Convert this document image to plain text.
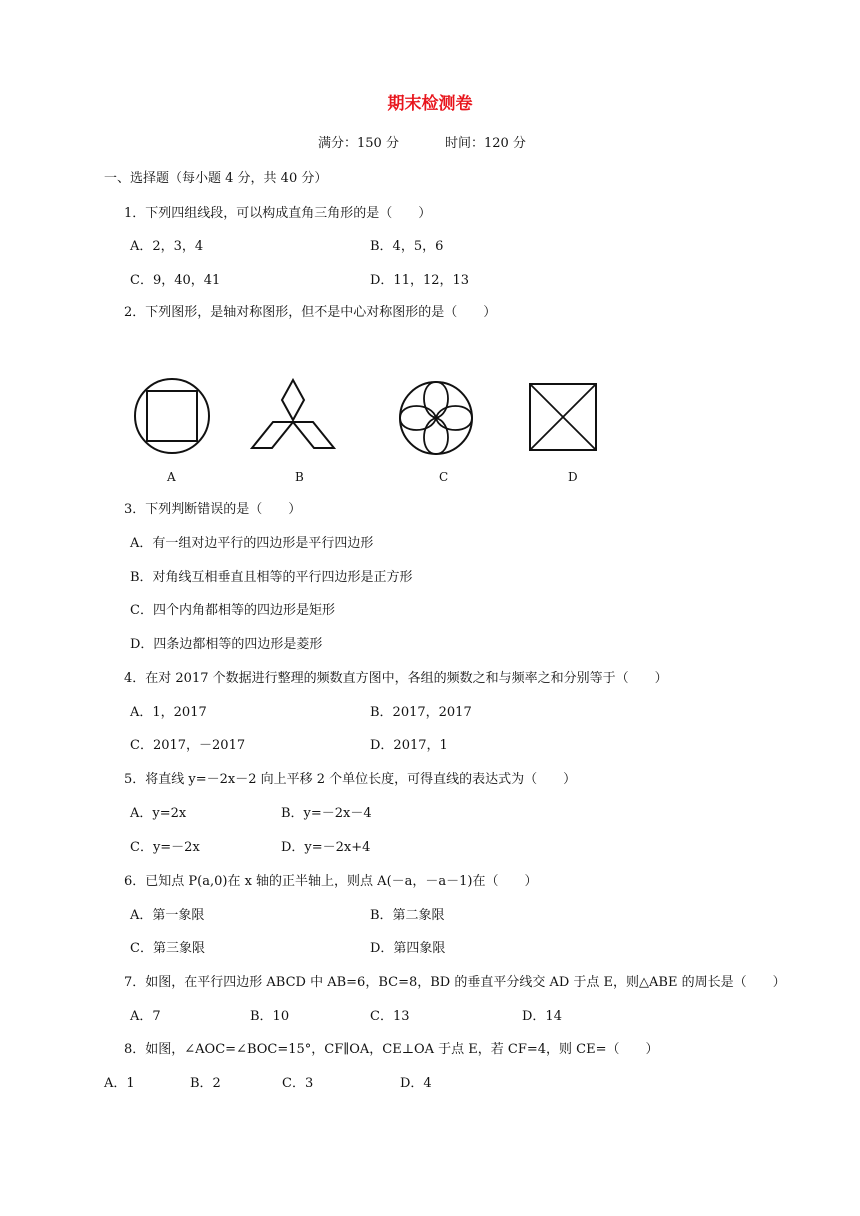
期末检测卷
满分：150 分	时间：120 分
一、选择题（每小题 4 分，共 40 分）
1．下列四组线段，可以构成直角三角形的是（　　）
A．2，3，4	B．4，5，6
C．9，40，41	D．11，12，13
2．下列图形，是轴对称图形，但不是中心对称图形的是（　　）
A	B	C	D
3．下列判断错误的是（　　）
A．有一组对边平行的四边形是平行四边形
B．对角线互相垂直且相等的平行四边形是正方形
C．四个内角都相等的四边形是矩形
D．四条边都相等的四边形是菱形
4．在对 2017 个数据进行整理的频数直方图中，各组的频数之和与频率之和分别等于（　　）
A．1，2017	B．2017，2017
C．2017，－2017	D．2017，1
5．将直线 y=－2x－2 向上平移 2 个单位长度，可得直线的表达式为（　　）
A．y=2x	B．y=－2x－4
C．y=－2x	D．y=－2x+4
6．已知点 P(a,0)在 x 轴的正半轴上，则点 A(－a，－a－1)在（　　）
A．第一象限	B．第二象限
C．第三象限	D．第四象限
7．如图，在平行四边形 ABCD 中 AB=6，BC=8，BD 的垂直平分线交 AD 于点 E，则△ABE 的周长是（　　）
A．7	B．10	C．13	D．14
8．如图，∠AOC=∠BOC=15°，CF∥OA，CE⊥OA 于点 E，若 CF=4，则 CE=（　　）
A．1	B．2	C．3	D．4
